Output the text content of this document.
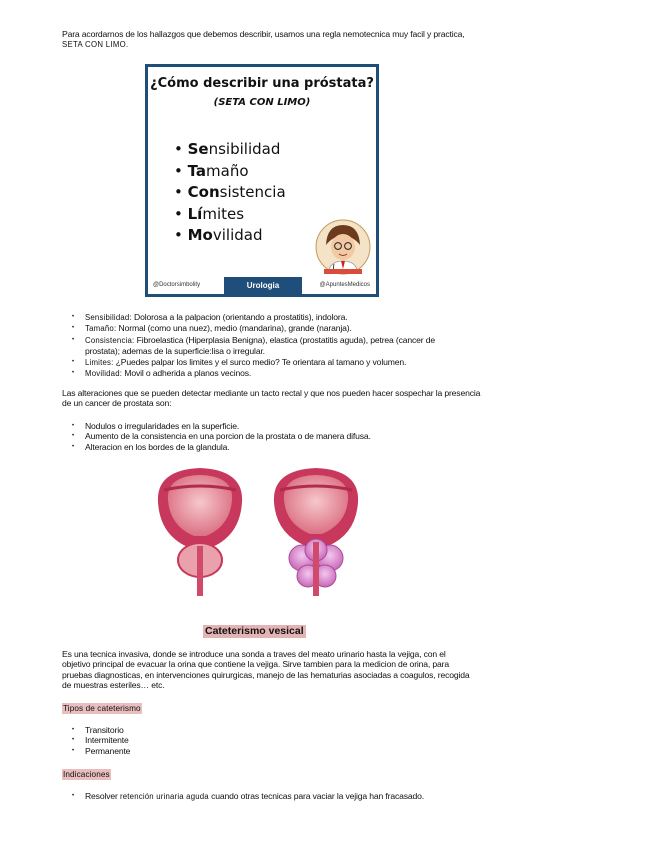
Para acordarnos de los hallazgos que debemos describir, usamos una regla nemotecnica muy facil y practica, SETA CON LIMO.
¿Cómo describir una próstata?
(SETA CON LIMO)
• Sensibilidad
• Tamaño
• Consistencia
• Límites
• Movilidad
@Doctorsimbolity	Urologia	@ApuntesMedicos
• Sensibilidad: Dolorosa a la palpacion (orientando a prostatitis), indolora.
• Tamaño: Normal (como una nuez), medio (mandarina), grande (naranja).
• Consistencia: Fibroelastica (Hiperplasia Benigna), elastica (prostatitis aguda), petrea (cancer de prostata); ademas de la superficie:lisa o irregular.
• Limites: ¿Puedes palpar los limites y el surco medio? Te orientara al tamano y volumen.
• Movilidad: Movil o adherida a planos vecinos.
Las alteraciones que se pueden detectar mediante un tacto rectal y que nos pueden hacer sospechar la presencia de un cancer de prostata son:
• Nodulos o irregularidades en la superficie.
• Aumento de la consistencia en una porcion de la prostata o de manera difusa.
• Alteracion en los bordes de la glandula.
Cateterismo vesical
Es una tecnica invasiva, donde se introduce una sonda a traves del meato urinario hasta la vejiga, con el objetivo principal de evacuar la orina que contiene la vejiga. Sirve tambien para la medicion de orina, para pruebas diagnosticas, en intervenciones quirurgicas, manejo de las hematurias asociadas a coagulos, recogida de muestras esteriles… etc.
Tipos de cateterismo
• Transitorio
• Intermitente
• Permanente
Indicaciones
• Resolver retención urinaria aguda cuando otras tecnicas para vaciar la vejiga han fracasado.
